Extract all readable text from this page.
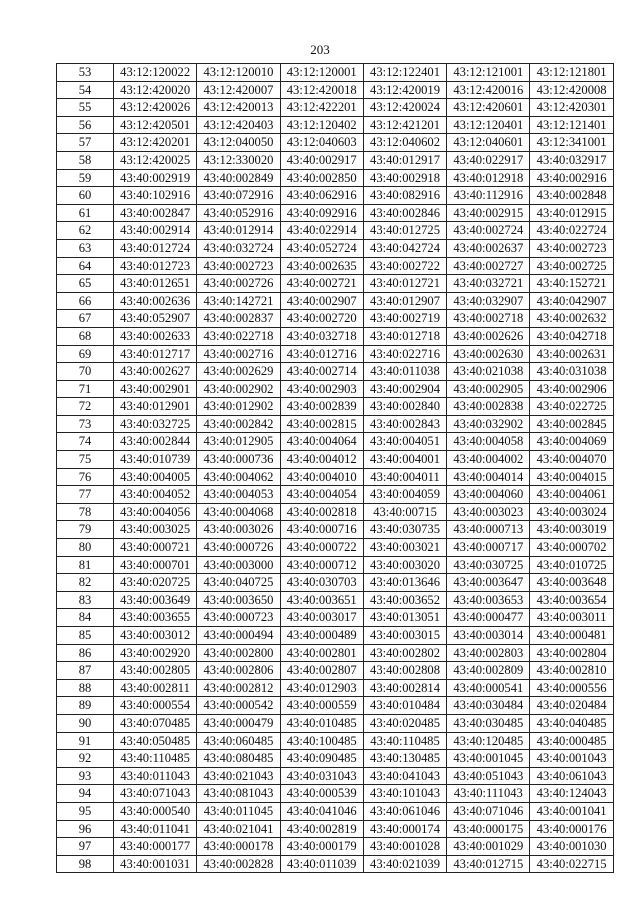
203
53	43:12:120022	43:12:120010	43:12:120001	43:12:122401	43:12:121001	43:12:121801
54	43:12:420020	43:12:420007	43:12:420018	43:12:420019	43:12:420016	43:12:420008
55	43:12:420026	43:12:420013	43:12:422201	43:12:420024	43:12:420601	43:12:420301
56	43:12:420501	43:12:420403	43:12:120402	43:12:421201	43:12:120401	43:12:121401
57	43:12:420201	43:12:040050	43:12:040603	43:12:040602	43:12:040601	43:12:341001
58	43:12:420025	43:12:330020	43:40:002917	43:40:012917	43:40:022917	43:40:032917
59	43:40:002919	43:40:002849	43:40:002850	43:40:002918	43:40:012918	43:40:002916
60	43:40:102916	43:40:072916	43:40:062916	43:40:082916	43:40:112916	43:40:002848
61	43:40:002847	43:40:052916	43:40:092916	43:40:002846	43:40:002915	43:40:012915
62	43:40:002914	43:40:012914	43:40:022914	43:40:012725	43:40:002724	43:40:022724
63	43:40:012724	43:40:032724	43:40:052724	43:40:042724	43:40:002637	43:40:002723
64	43:40:012723	43:40:002723	43:40:002635	43:40:002722	43:40:002727	43:40:002725
65	43:40:012651	43:40:002726	43:40:002721	43:40:012721	43:40:032721	43:40:152721
66	43:40:002636	43:40:142721	43:40:002907	43:40:012907	43:40:032907	43:40:042907
67	43:40:052907	43:40:002837	43:40:002720	43:40:002719	43:40:002718	43:40:002632
68	43:40:002633	43:40:022718	43:40:032718	43:40:012718	43:40:002626	43:40:042718
69	43:40:012717	43:40:002716	43:40:012716	43:40:022716	43:40:002630	43:40:002631
70	43:40:002627	43:40:002629	43:40:002714	43:40:011038	43:40:021038	43:40:031038
71	43:40:002901	43:40:002902	43:40:002903	43:40:002904	43:40:002905	43:40:002906
72	43:40:012901	43:40:012902	43:40:002839	43:40:002840	43:40:002838	43:40:022725
73	43:40:032725	43:40:002842	43:40:002815	43:40:002843	43:40:032902	43:40:002845
74	43:40:002844	43:40:012905	43:40:004064	43:40:004051	43:40:004058	43:40:004069
75	43:40:010739	43:40:000736	43:40:004012	43:40:004001	43:40:004002	43:40:004070
76	43:40:004005	43:40:004062	43:40:004010	43:40:004011	43:40:004014	43:40:004015
77	43:40:004052	43:40:004053	43:40:004054	43:40:004059	43:40:004060	43:40:004061
78	43:40:004056	43:40:004068	43:40:002818	43:40:00715	43:40:003023	43:40:003024
79	43:40:003025	43:40:003026	43:40:000716	43:40:030735	43:40:000713	43:40:003019
80	43:40:000721	43:40:000726	43:40:000722	43:40:003021	43:40:000717	43:40:000702
81	43:40:000701	43:40:003000	43:40:000712	43:40:003020	43:40:030725	43:40:010725
82	43:40:020725	43:40:040725	43:40:030703	43:40:013646	43:40:003647	43:40:003648
83	43:40:003649	43:40:003650	43:40:003651	43:40:003652	43:40:003653	43:40:003654
84	43:40:003655	43:40:000723	43:40:003017	43:40:013051	43:40:000477	43:40:003011
85	43:40:003012	43:40:000494	43:40:000489	43:40:003015	43:40:003014	43:40:000481
86	43:40:002920	43:40:002800	43:40:002801	43:40:002802	43:40:002803	43:40:002804
87	43:40:002805	43:40:002806	43:40:002807	43:40:002808	43:40:002809	43:40:002810
88	43:40:002811	43:40:002812	43:40:012903	43:40:002814	43:40:000541	43:40:000556
89	43:40:000554	43:40:000542	43:40:000559	43:40:010484	43:40:030484	43:40:020484
90	43:40:070485	43:40:000479	43:40:010485	43:40:020485	43:40:030485	43:40:040485
91	43:40:050485	43:40:060485	43:40:100485	43:40:110485	43:40:120485	43:40:000485
92	43:40:110485	43:40:080485	43:40:090485	43:40:130485	43:40:001045	43:40:001043
93	43:40:011043	43:40:021043	43:40:031043	43:40:041043	43:40:051043	43:40:061043
94	43:40:071043	43:40:081043	43:40:000539	43:40:101043	43:40:111043	43:40:124043
95	43:40:000540	43:40:011045	43:40:041046	43:40:061046	43:40:071046	43:40:001041
96	43:40:011041	43:40:021041	43:40:002819	43:40:000174	43:40:000175	43:40:000176
97	43:40:000177	43:40:000178	43:40:000179	43:40:001028	43:40:001029	43:40:001030
98	43:40:001031	43:40:002828	43:40:011039	43:40:021039	43:40:012715	43:40:022715
